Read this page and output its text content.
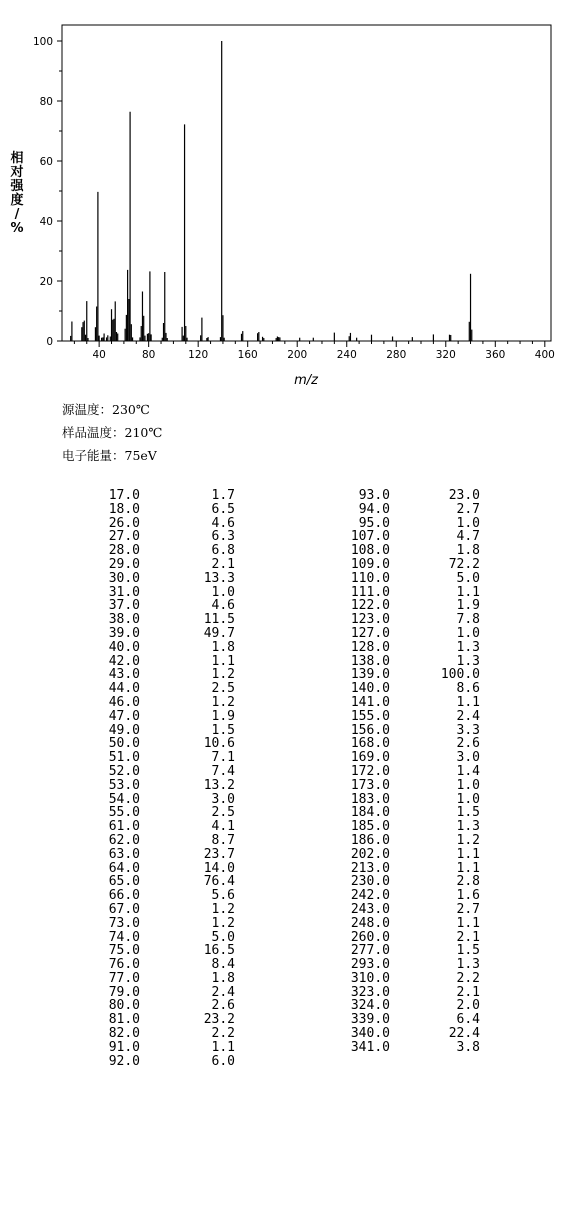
0
20
40
60
80
100
40	80	120	160	200	240	280	320	360	400
相对强度/ %
m/z
源温度：230℃
样品温度：210℃
电子能量：75eV
17.0	1.7
18.0	6.5
26.0	4.6
27.0	6.3
28.0	6.8
29.0	2.1
30.0	13.3
31.0	1.0
37.0	4.6
38.0	11.5
39.0	49.7
40.0	1.8
42.0	1.1
43.0	1.2
44.0	2.5
46.0	1.2
47.0	1.9
49.0	1.5
50.0	10.6
51.0	7.1
52.0	7.4
53.0	13.2
54.0	3.0
55.0	2.5
61.0	4.1
62.0	8.7
63.0	23.7
64.0	14.0
65.0	76.4
66.0	5.6
67.0	1.2
73.0	1.2
74.0	5.0
75.0	16.5
76.0	8.4
77.0	1.8
79.0	2.4
80.0	2.6
81.0	23.2
82.0	2.2
91.0	1.1
92.0	6.0
93.0	23.0
94.0	2.7
95.0	1.0
107.0	4.7
108.0	1.8
109.0	72.2
110.0	5.0
111.0	1.1
122.0	1.9
123.0	7.8
127.0	1.0
128.0	1.3
138.0	1.3
139.0	100.0
140.0	8.6
141.0	1.1
155.0	2.4
156.0	3.3
168.0	2.6
169.0	3.0
172.0	1.4
173.0	1.0
183.0	1.0
184.0	1.5
185.0	1.3
186.0	1.2
202.0	1.1
213.0	1.1
230.0	2.8
242.0	1.6
243.0	2.7
248.0	1.1
260.0	2.1
277.0	1.5
293.0	1.3
310.0	2.2
323.0	2.1
324.0	2.0
339.0	6.4
340.0	22.4
341.0	3.8
